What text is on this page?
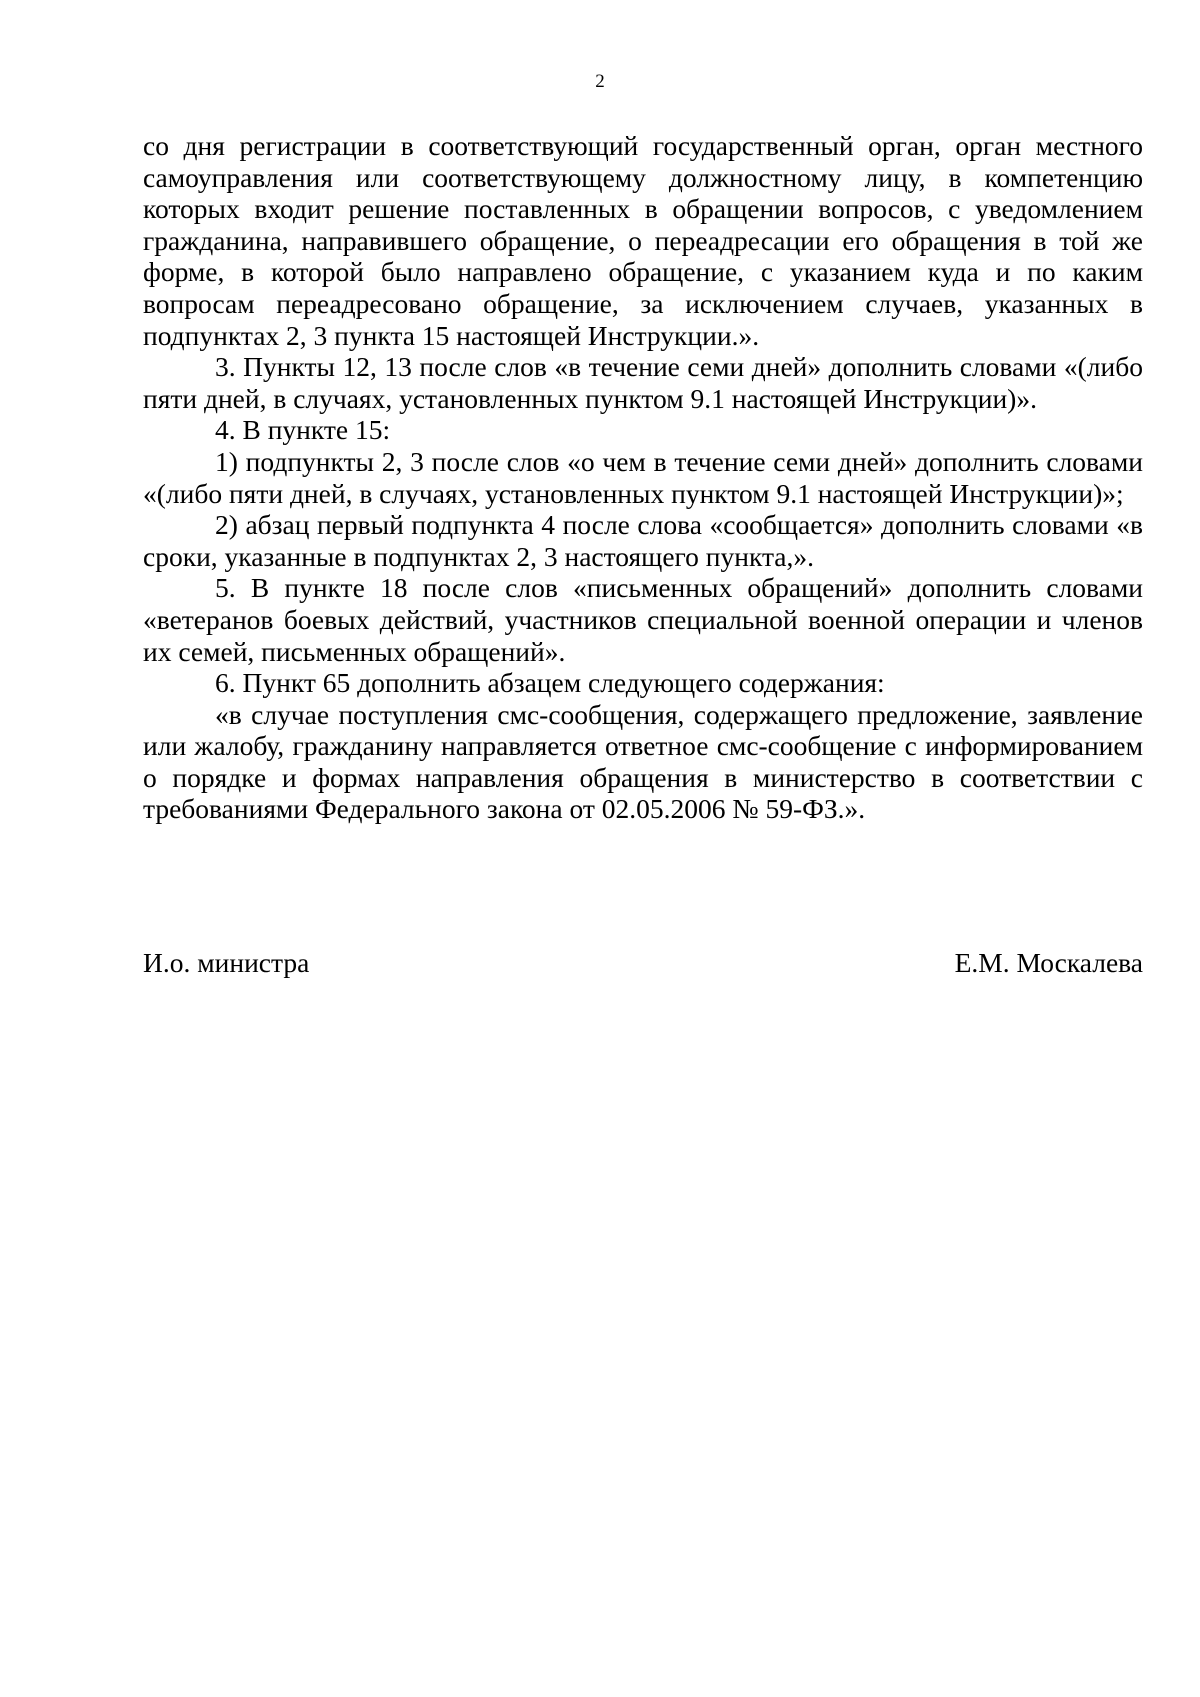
2

со дня регистрации в соответствующий государственный орган, орган местного самоуправления или соответствующему должностному лицу, в компетенцию которых входит решение поставленных в обращении вопросов, с уведомлением гражданина, направившего обращение, о переадресации его обращения в той же форме, в которой было направлено обращение, с указанием куда и по каким вопросам переадресовано обращение, за исключением случаев, указанных в подпунктах 2, 3 пункта 15 настоящей Инструкции.».

3. Пункты 12, 13 после слов «в течение семи дней» дополнить словами «(либо пяти дней, в случаях, установленных пунктом 9.1 настоящей Инструкции)».

4. В пункте 15:

1) подпункты 2, 3 после слов «о чем в течение семи дней» дополнить словами «(либо пяти дней, в случаях, установленных пунктом 9.1 настоящей Инструкции)»;

2) абзац первый подпункта 4 после слова «сообщается» дополнить словами «в сроки, указанные в подпунктах 2, 3 настоящего пункта,».

5. В пункте 18 после слов «письменных обращений» дополнить словами «ветеранов боевых действий, участников специальной военной операции и членов их семей, письменных обращений».

6. Пункт 65 дополнить абзацем следующего содержания:

«в случае поступления смс-сообщения, содержащего предложение, заявление или жалобу, гражданину направляется ответное смс-сообщение с информированием о порядке и формах направления обращения в министерство в соответствии с требованиями Федерального закона от 02.05.2006 № 59-ФЗ.».

И.о. министра	Е.М. Москалева
